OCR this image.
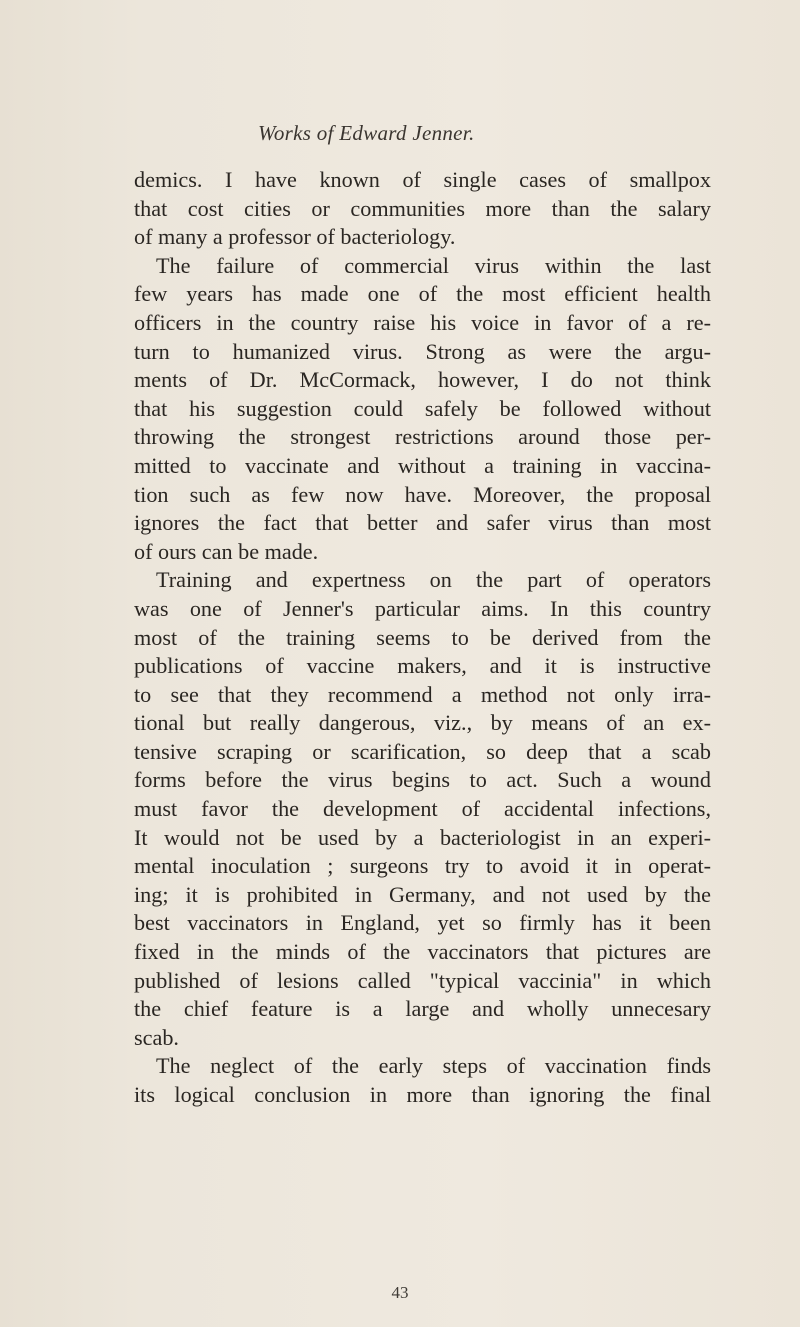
Works of Edward Jenner.
demics. I have known of single cases of smallpox
that cost cities or communities more than the salary
of many a professor of bacteriology.
The failure of commercial virus within the last
few years has made one of the most efficient health
officers in the country raise his voice in favor of a re-
turn to humanized virus. Strong as were the argu-
ments of Dr. McCormack, however, I do not think
that his suggestion could safely be followed without
throwing the strongest restrictions around those per-
mitted to vaccinate and without a training in vaccina-
tion such as few now have. Moreover, the proposal
ignores the fact that better and safer virus than most
of ours can be made.
Training and expertness on the part of operators
was one of Jenner's particular aims. In this country
most of the training seems to be derived from the
publications of vaccine makers, and it is instructive
to see that they recommend a method not only irra-
tional but really dangerous, viz., by means of an ex-
tensive scraping or scarification, so deep that a scab
forms before the virus begins to act. Such a wound
must favor the development of accidental infections,
It would not be used by a bacteriologist in an experi-
mental inoculation ; surgeons try to avoid it in operat-
ing; it is prohibited in Germany, and not used by the
best vaccinators in England, yet so firmly has it been
fixed in the minds of the vaccinators that pictures are
published of lesions called "typical vaccinia" in which
the chief feature is a large and wholly unnecesary
scab.
The neglect of the early steps of vaccination finds
its logical conclusion in more than ignoring the final
43
